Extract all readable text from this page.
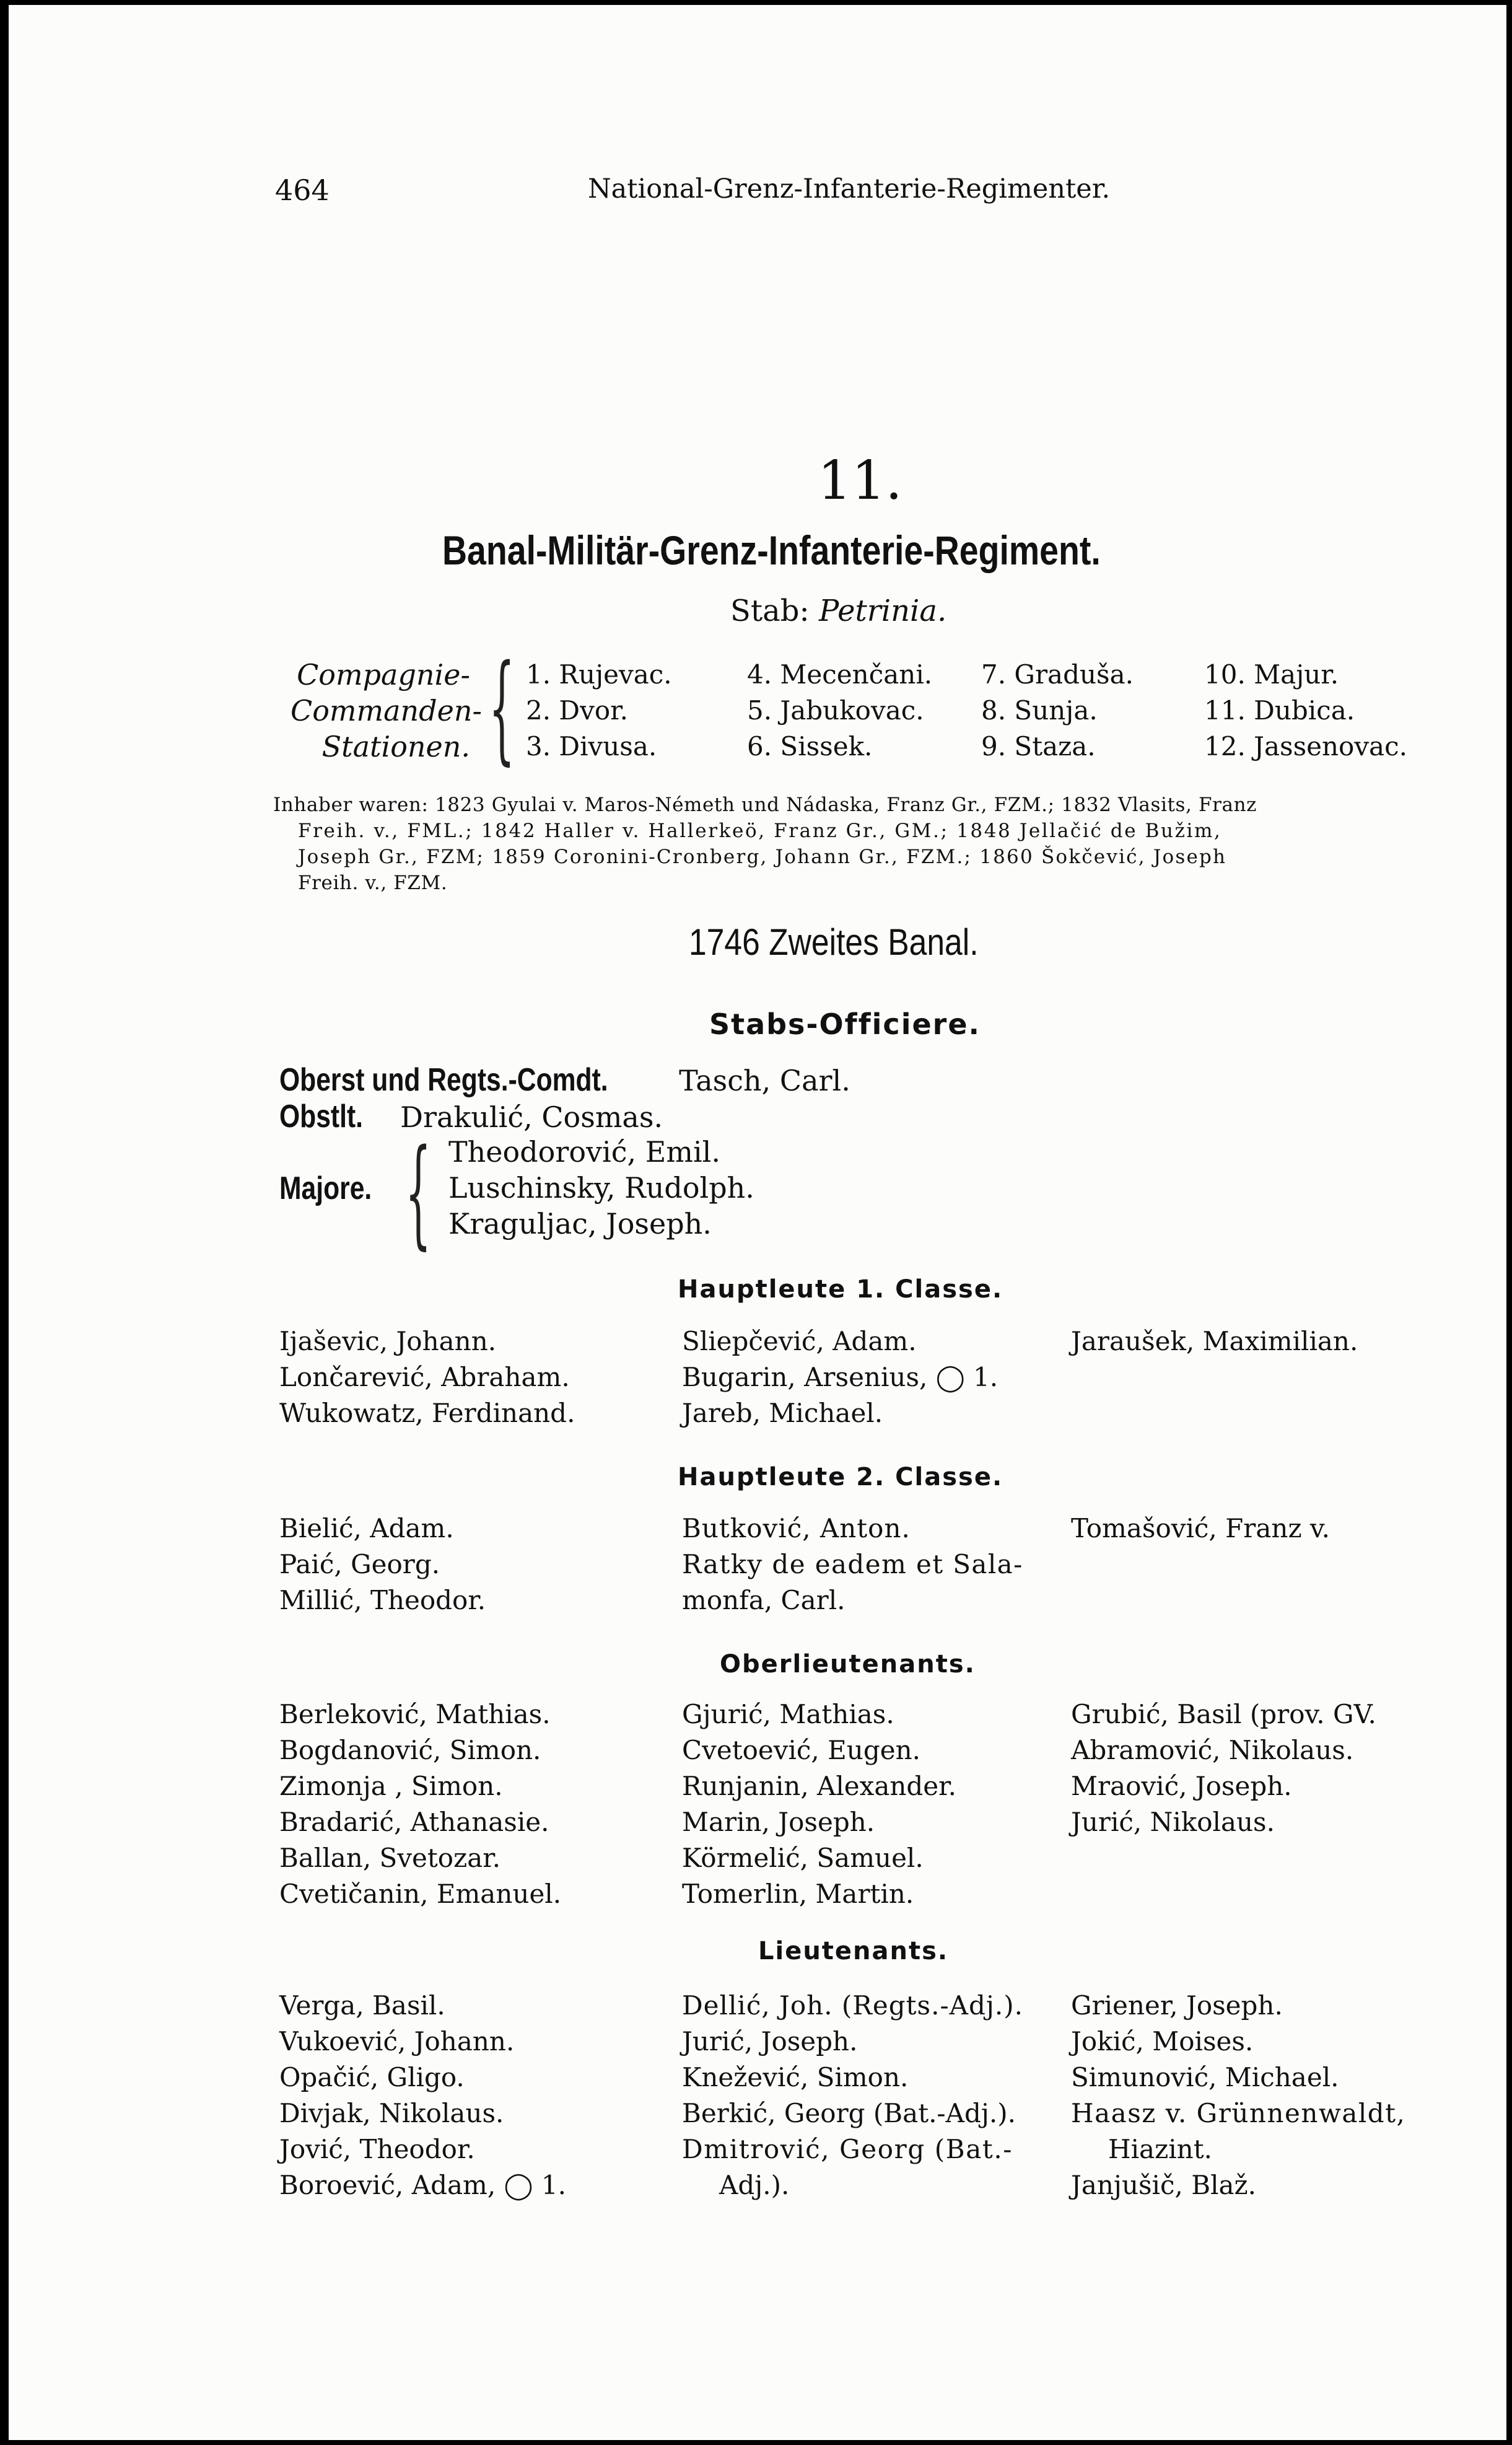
464	National-Grenz-Infanterie-Regimenter.
11.
Banal-Militär-Grenz-Infanterie-Regiment.
Stab: Petrinia.
Compagnie-
Commanden-
Stationen. { 1. Rujevac.
2. Dvor.
3. Divusa.
4. Mecenčani.
5. Jabukovac.
6. Sissek.
7. Graduša.
8. Sunja.
9. Staza.
10. Majur.
11. Dubica.
12. Jassenovac.
Inhaber waren: 1823 Gyulai v. Maros-Németh und Nádaska, Franz Gr., FZM.; 1832 Vlasits, Franz
Freih. v., FML.; 1842 Haller v. Hallerkeö, Franz Gr., GM.; 1848 Jellačić de Bužim,
Joseph Gr., FZM; 1859 Coronini-Cronberg, Johann Gr., FZM.; 1860 Šokčević, Joseph
Freih. v., FZM.
1746 Zweites Banal.
Stabs-Officiere.
Oberst und Regts.-Comdt. Tasch, Carl.
Obstlt. Drakulić, Cosmas.
Majore. { Theodorović, Emil.
Luschinsky, Rudolph.
Kraguljac, Joseph.
Hauptleute 1. Classe.
Ijaševic, Johann.
Lončarević, Abraham.
Wukowatz, Ferdinand.
Sliepčević, Adam.
Bugarin, Arsenius, ◯ 1.
Jareb, Michael.
Jaraušek, Maximilian.
Hauptleute 2. Classe.
Bielić, Adam.
Paić, Georg.
Millić, Theodor.
Butković, Anton.
Ratky de eadem et Sala-
monfa, Carl.
Tomašović, Franz v.
Oberlieutenants.
Berleković, Mathias.
Bogdanović, Simon.
Zimonja , Simon.
Bradarić, Athanasie.
Ballan, Svetozar.
Cvetičanin, Emanuel.
Gjurić, Mathias.
Cvetoević, Eugen.
Runjanin, Alexander.
Marin, Joseph.
Körmelić, Samuel.
Tomerlin, Martin.
Grubić, Basil (prov. GV.
Abramović, Nikolaus.
Mraović, Joseph.
Jurić, Nikolaus.
Lieutenants.
Verga, Basil.
Vukoević, Johann.
Opačić, Gligo.
Divjak, Nikolaus.
Jović, Theodor.
Boroević, Adam, ◯ 1.
Dellić, Joh. (Regts.-Adj.).
Jurić, Joseph.
Knežević, Simon.
Berkić, Georg (Bat.-Adj.).
Dmitrović, Georg (Bat.-
Adj.).
Griener, Joseph.
Jokić, Moises.
Simunović, Michael.
Haasz v. Grünnenwaldt,
Hiazint.
Janjušič, Blaž.
